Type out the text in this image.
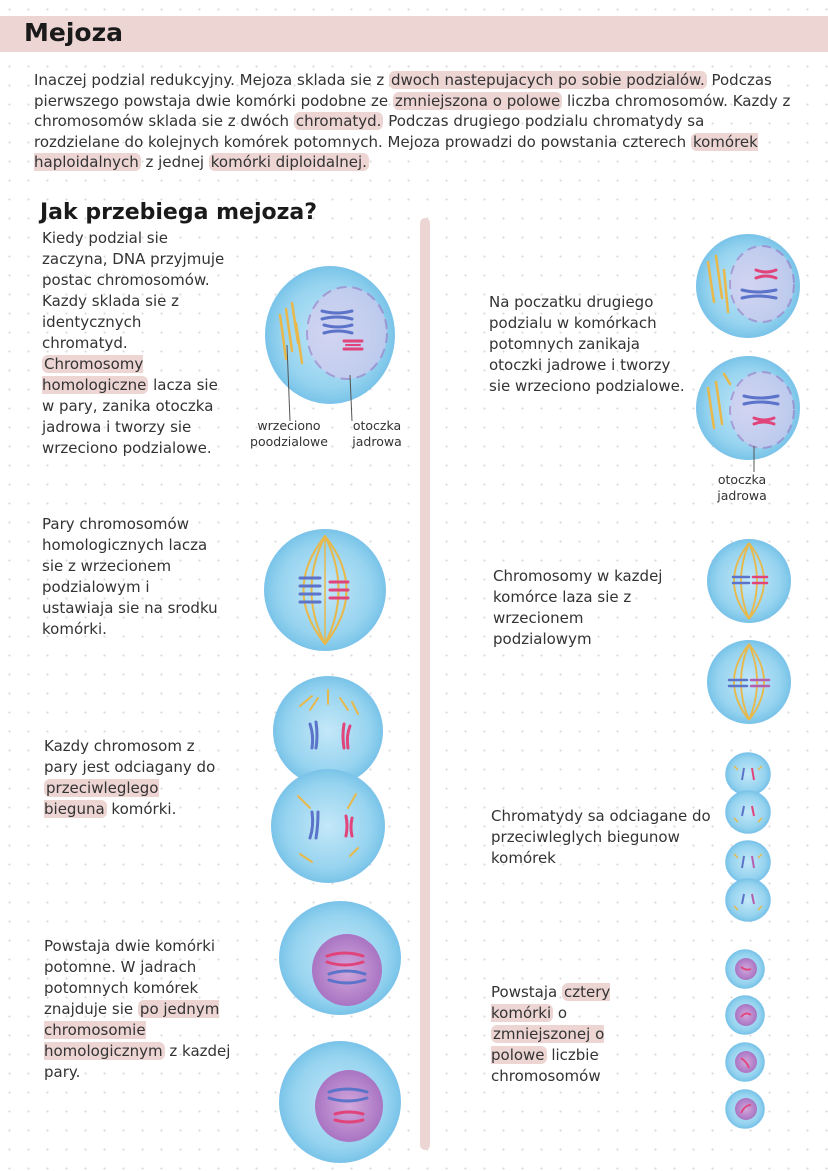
Mejoza

Inaczej podzial redukcyjny. Mejoza sklada sie z dwoch nastepujacych po sobie podzialów. Podczas pierwszego powstaja dwie komórki podobne ze zmniejszona o polowe liczba chromosomów. Kazdy z chromosomów sklada sie z dwóch chromatyd. Podczas drugiego podzialu chromatydy sa rozdzielane do kolejnych komórek potomnych. Mejoza prowadzi do powstania czterech komórek haploidalnych z jednej komórki diploidalnej.

Jak przebiega mejoza?

Kiedy podzial sie zaczyna, DNA przyjmuje postac chromosomów. Kazdy sklada sie z identycznych chromatyd. Chromosomy homologiczne lacza sie w pary, zanika otoczka jadrowa i tworzy sie wrzeciono podzialowe.

wrzeciono
poodzialowe
otoczka
jadrowa

Pary chromosomów homologicznych lacza sie z wrzecionem podzialowym i ustawiaja sie na srodku komórki.

Kazdy chromosom z pary jest odciagany do przeciwleglego bieguna komórki.

Powstaja dwie komórki potomne. W jadrach potomnych komórek znajduje sie po jednym chromosomie homologicznym z kazdej pary.

Na poczatku drugiego podzialu w komórkach potomnych zanikaja otoczki jadrowe i tworzy sie wrzeciono podzialowe.

otoczka
jadrowa

Chromosomy w kazdej komórce laza sie z wrzecionem podzialowym

Chromatydy sa odciagane do przeciwleglych biegunow komórek

Powstaja cztery komórki o zmniejszonej o polowe liczbie chromosomów
